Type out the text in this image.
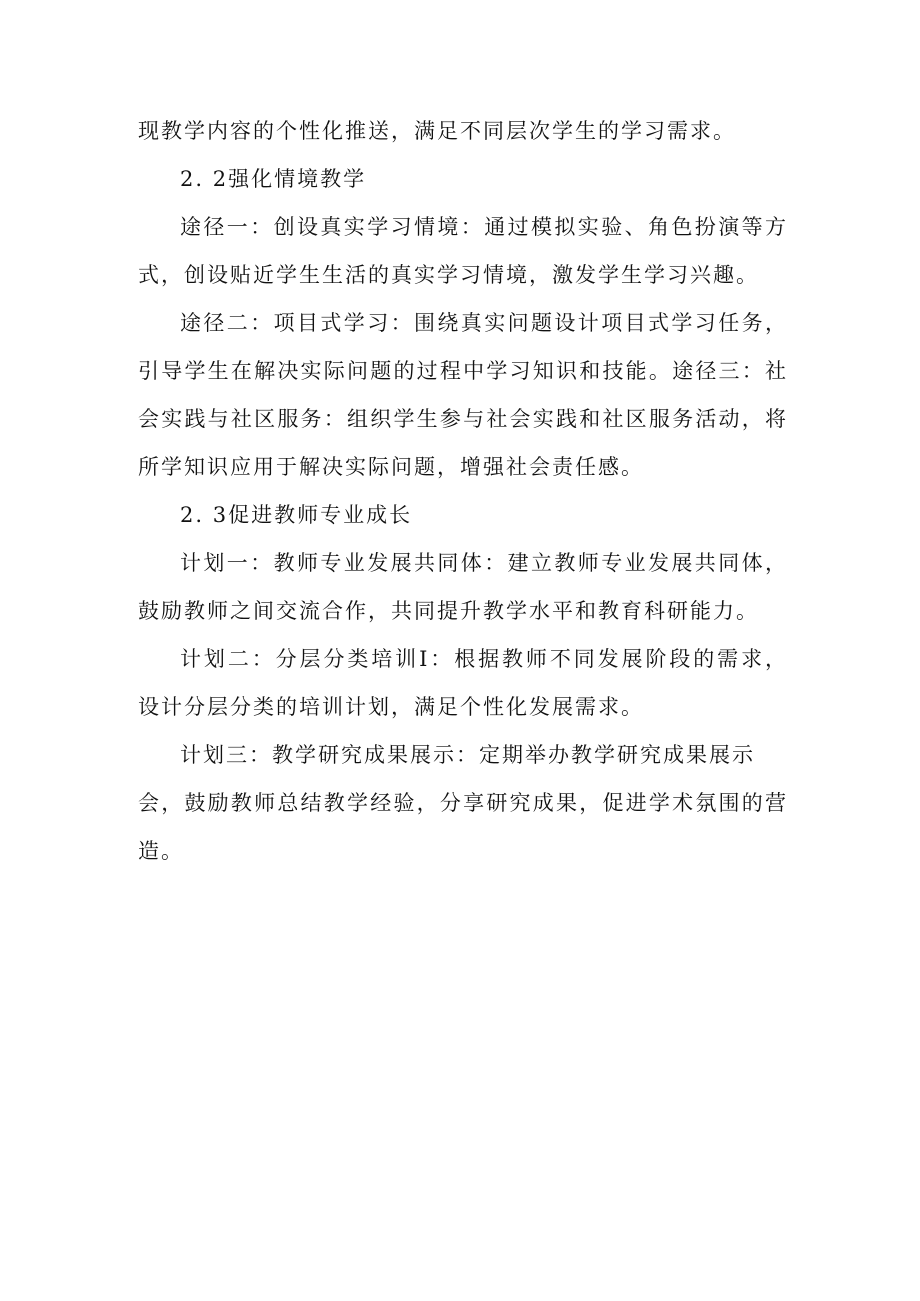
现教学内容的个性化推送，满足不同层次学生的学习需求。
2. 2强化情境教学
途径一：创设真实学习情境：通过模拟实验、角色扮演等方
式，创设贴近学生生活的真实学习情境，激发学生学习兴趣。
途径二：项目式学习：围绕真实问题设计项目式学习任务，
引导学生在解决实际问题的过程中学习知识和技能。途径三：社
会实践与社区服务：组织学生参与社会实践和社区服务活动，将
所学知识应用于解决实际问题，增强社会责任感。
2. 3促进教师专业成长
计划一：教师专业发展共同体：建立教师专业发展共同体，
鼓励教师之间交流合作，共同提升教学水平和教育科研能力。
计划二：分层分类培训I：根据教师不同发展阶段的需求，
设计分层分类的培训计划，满足个性化发展需求。
计划三：教学研究成果展示：定期举办教学研究成果展示
会，鼓励教师总结教学经验，分享研究成果，促进学术氛围的营
造。
